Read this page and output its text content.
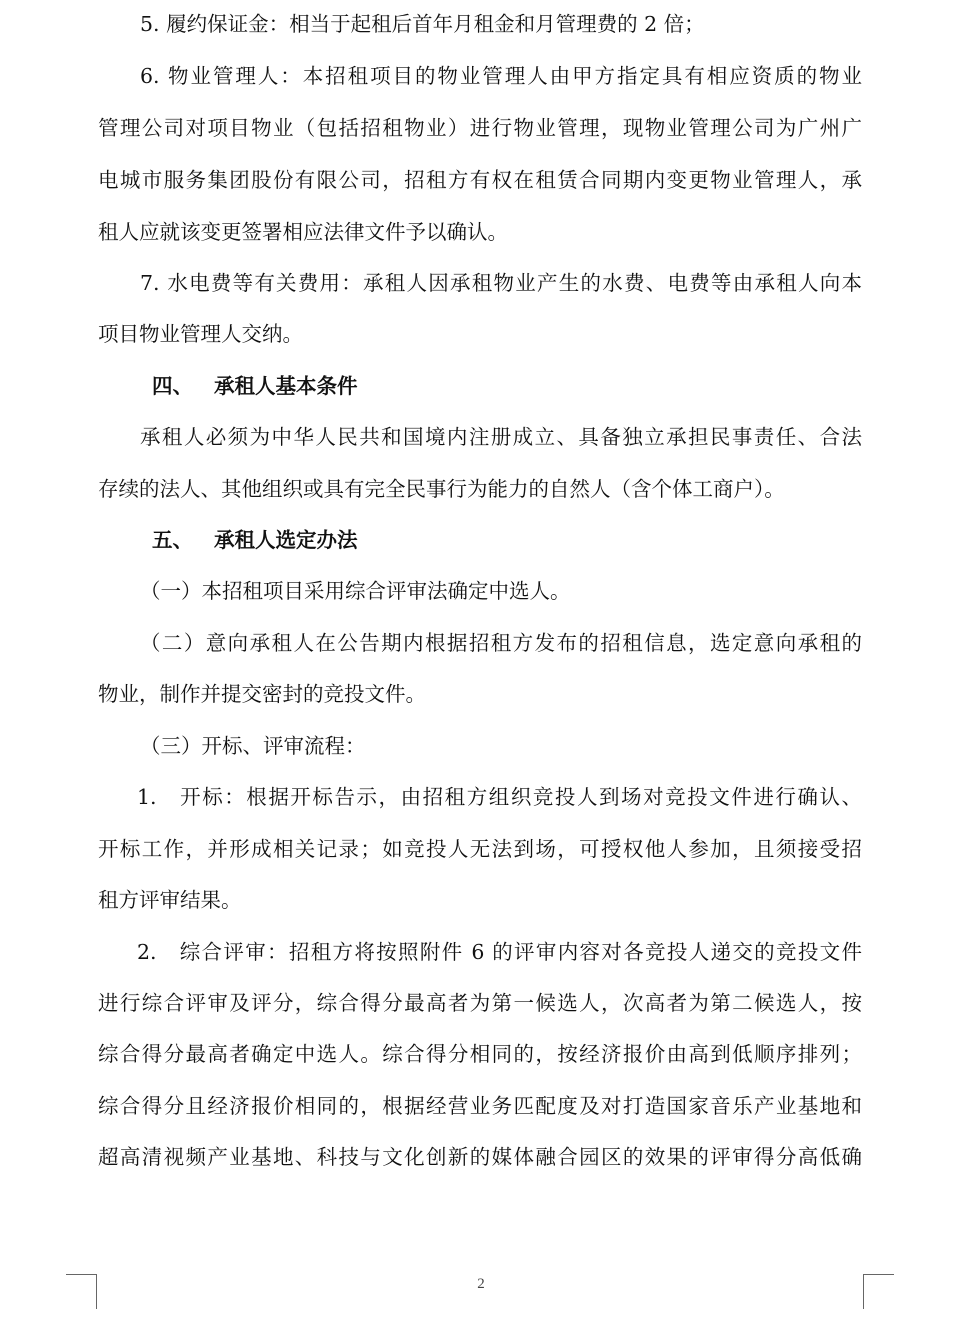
5. 履约保证金：相当于起租后首年月租金和月管理费的 2 倍；
6. 物业管理人：本招租项目的物业管理人由甲方指定具有相应资质的物业
管理公司对项目物业（包括招租物业）进行物业管理，现物业管理公司为广州广
电城市服务集团股份有限公司，招租方有权在租赁合同期内变更物业管理人，承
租人应就该变更签署相应法律文件予以确认。
7. 水电费等有关费用：承租人因承租物业产生的水费、电费等由承租人向本
项目物业管理人交纳。
四、 承租人基本条件
承租人必须为中华人民共和国境内注册成立、具备独立承担民事责任、合法
存续的法人、其他组织或具有完全民事行为能力的自然人（含个体工商户）。
五、 承租人选定办法
（一）本招租项目采用综合评审法确定中选人。
（二）意向承租人在公告期内根据招租方发布的招租信息，选定意向承租的
物业，制作并提交密封的竞投文件。
（三）开标、评审流程：
1.　开标：根据开标告示，由招租方组织竞投人到场对竞投文件进行确认、
开标工作，并形成相关记录；如竞投人无法到场，可授权他人参加，且须接受招
租方评审结果。
2.　综合评审：招租方将按照附件 6 的评审内容对各竞投人递交的竞投文件
进行综合评审及评分，综合得分最高者为第一候选人，次高者为第二候选人，按
综合得分最高者确定中选人。综合得分相同的，按经济报价由高到低顺序排列；
综合得分且经济报价相同的，根据经营业务匹配度及对打造国家音乐产业基地和
超高清视频产业基地、科技与文化创新的媒体融合园区的效果的评审得分高低确
2
